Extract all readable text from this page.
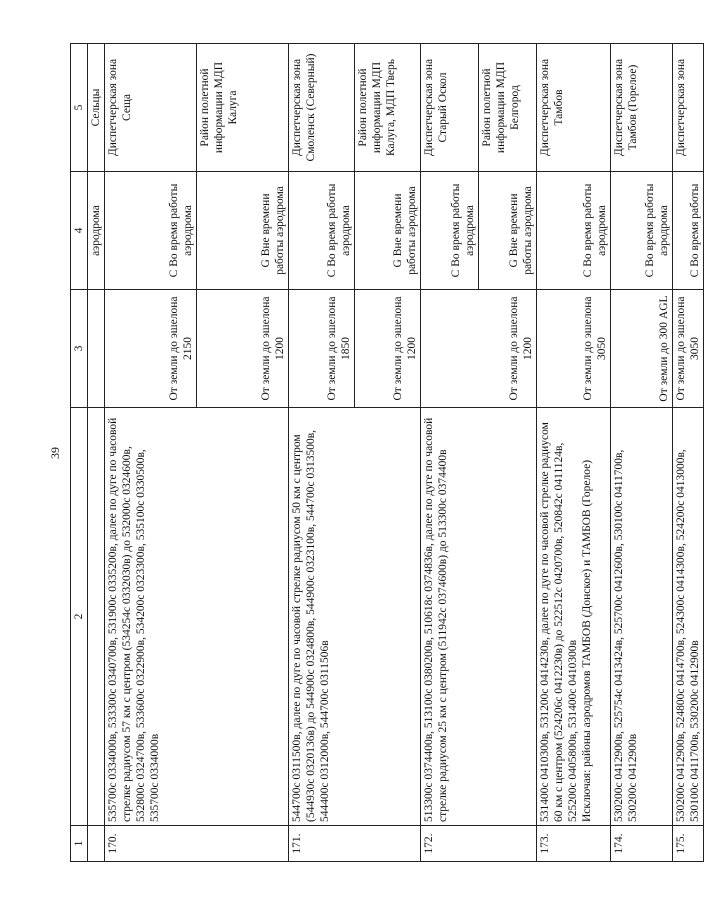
39
1	2	3	4	5
			аэродрома	Сельцы
170.	535700с 0334000в, 533300с 0340700в, 531900с 0335200в, далее по дуге по часовой стрелке радиусом 57 км с центром (534254с 0332030в) до 532000с 0324600в, 532800с 0324700в, 533600с 0322900в, 534200с 0323300в, 535100с 0330500в, 535700с 0334000в	От земли до эшелона 2150	С Во время работы аэродрома	Диспетчерская зона Сеща
		От земли до эшелона 1200	G Вне времени работы аэродрома	Район полетной информации МДП Калуга
171.	544700с 0311500в, далее по дуге по часовой стрелке радиусом 50 км с центром (544930с 0320136в) до 544900с 0324800в, 544900с 0323100в, 544700с 0313500в, 544400с 0312000в, 544700с 0311506в	От земли до эшелона 1850	С Во время работы аэродрома	Диспетчерская зона Смоленск (Северный)
		От земли до эшелона 1200	G Вне времени работы аэродрома	Район полетной информации МДП Калуга, МДП Тверь
172.	513300с 0374400в, 513100с 0380200в, 510618с 0374836в, далее по дуге по часовой стрелке радиусом 25 км с центром (511942с 0374600в) до 513300с 0374400в	От земли до эшелона 1200	С Во время работы аэродрома	Диспетчерская зона Старый Оскол
			G Вне времени работы аэродрома	Район полетной информации МДП Белгород
173.	531400с 0410300в, 531200с 0414230в, далее по дуге по часовой стрелке радиусом 60 км с центром (524206с 0412230в) до 522512с 0420700в, 520842с 0411124в, 525200с 0405800в, 531400с 0410300в Исключая: районы аэродромов ТАМБОВ (Донское) и ТАМБОВ (Горелое)	От земли до эшелона 3050	С Во время работы аэродрома	Диспетчерская зона Тамбов
174.	530200с 0412900в, 525754с 0413424в, 525700с 0412600в, 530100с 0411700в, 530200с 0412900в	От земли до 300 AGL	С Во время работы аэродрома	Диспетчерская зона Тамбов (Горелое)
175.	530200с 0412900в, 524800с 0414700в, 524300с 0414300в, 524200с 0413000в, 530100с 0411700в, 530200с 0412900в	От земли до эшелона 3050	С Во время работы	Диспетчерская зона
